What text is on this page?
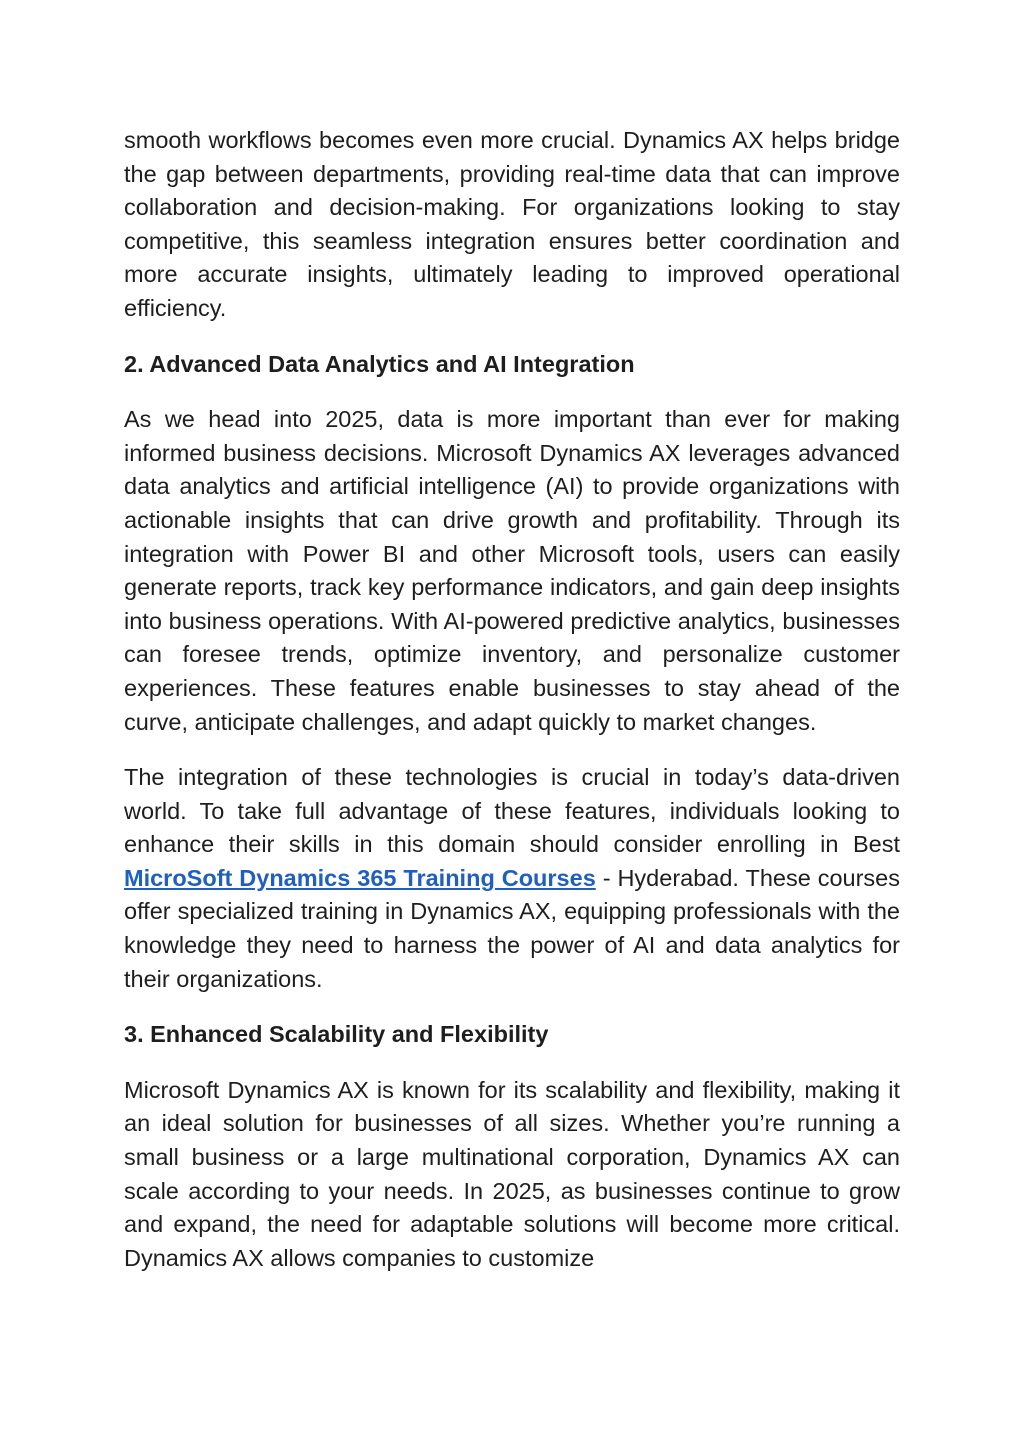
smooth workflows becomes even more crucial. Dynamics AX helps bridge the gap between departments, providing real-time data that can improve collaboration and decision-making. For organizations looking to stay competitive, this seamless integration ensures better coordination and more accurate insights, ultimately leading to improved operational efficiency.

2. Advanced Data Analytics and AI Integration

As we head into 2025, data is more important than ever for making informed business decisions. Microsoft Dynamics AX leverages advanced data analytics and artificial intelligence (AI) to provide organizations with actionable insights that can drive growth and profitability. Through its integration with Power BI and other Microsoft tools, users can easily generate reports, track key performance indicators, and gain deep insights into business operations. With AI-powered predictive analytics, businesses can foresee trends, optimize inventory, and personalize customer experiences. These features enable businesses to stay ahead of the curve, anticipate challenges, and adapt quickly to market changes.

The integration of these technologies is crucial in today’s data-driven world. To take full advantage of these features, individuals looking to enhance their skills in this domain should consider enrolling in Best MicroSoft Dynamics 365 Training Courses - Hyderabad. These courses offer specialized training in Dynamics AX, equipping professionals with the knowledge they need to harness the power of AI and data analytics for their organizations.

3. Enhanced Scalability and Flexibility

Microsoft Dynamics AX is known for its scalability and flexibility, making it an ideal solution for businesses of all sizes. Whether you’re running a small business or a large multinational corporation, Dynamics AX can scale according to your needs. In 2025, as businesses continue to grow and expand, the need for adaptable solutions will become more critical. Dynamics AX allows companies to customize
